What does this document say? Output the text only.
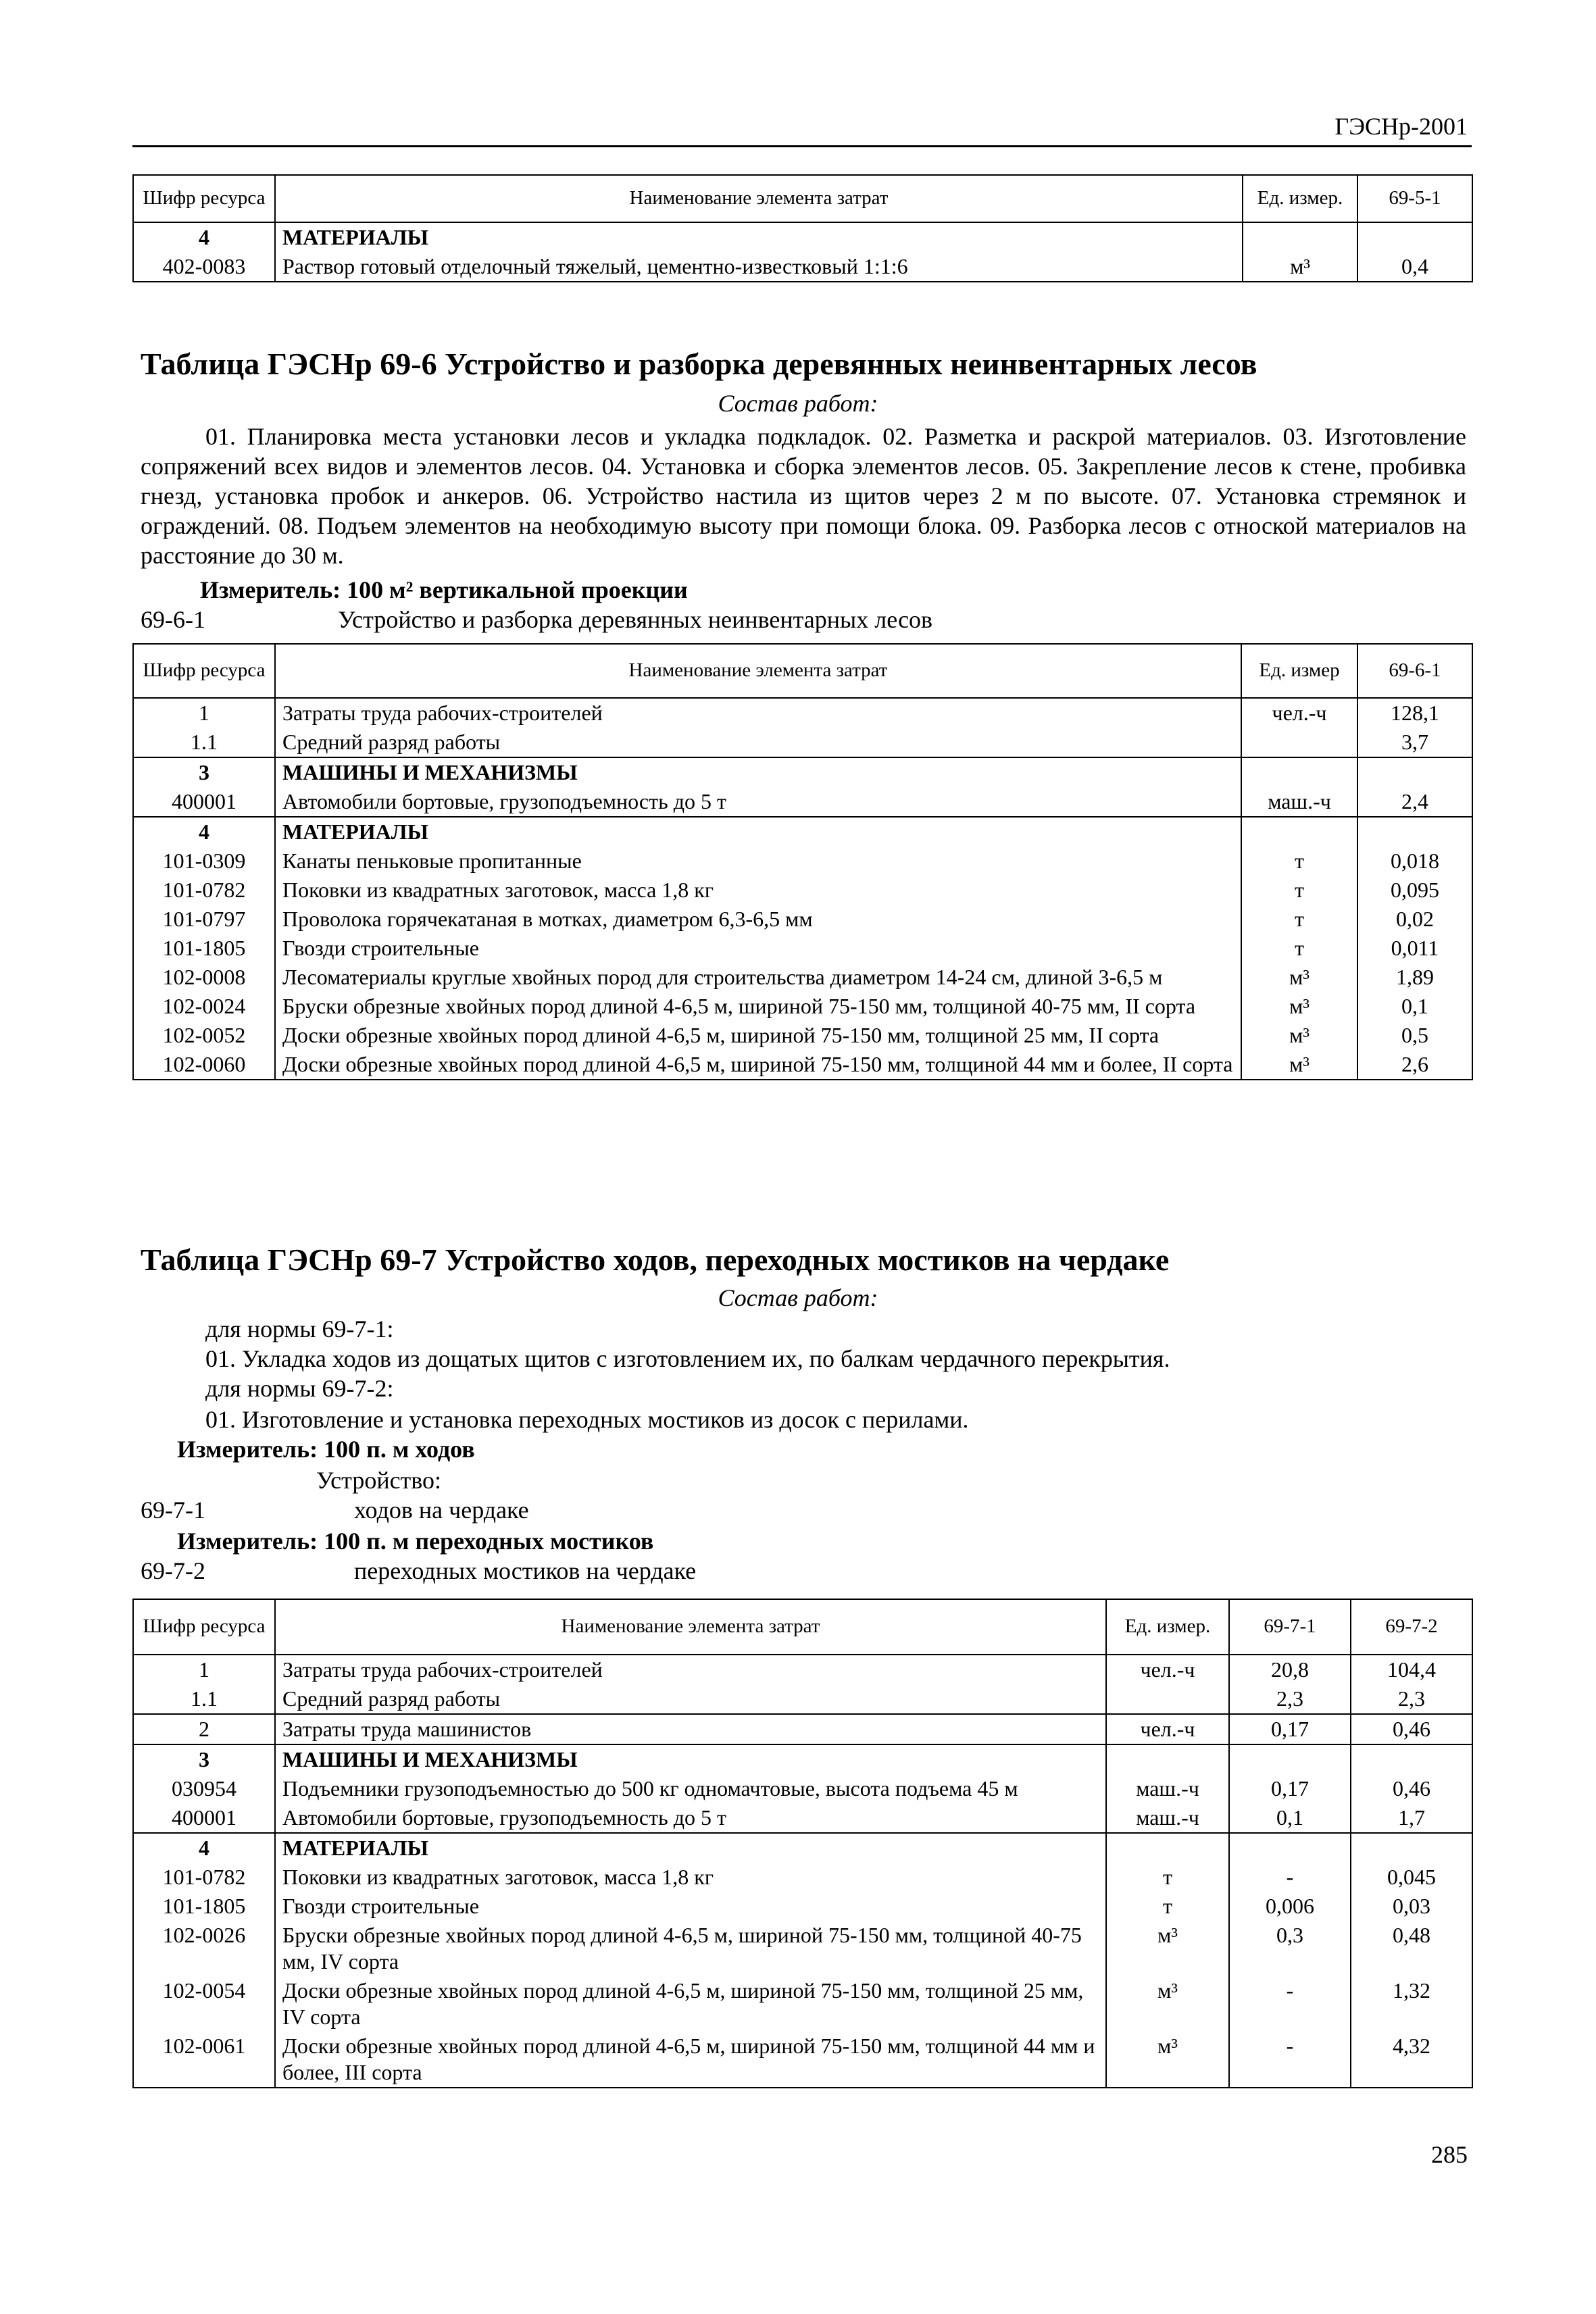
ГЭСНр-2001
Шифр ресурса	Наименование элемента затрат	Ед. измер.	69-5-1
4	МАТЕРИАЛЫ		
402-0083	Раствор готовый отделочный тяжелый, цементно-известковый 1:1:6	м³	0,4
Таблица ГЭСНр 69-6 Устройство и разборка деревянных неинвентарных лесов
Состав работ:
01. Планировка места установки лесов и укладка подкладок. 02. Разметка и раскрой материалов. 03. Изготовление сопряжений всех видов и элементов лесов. 04. Установка и сборка элементов лесов. 05. Закрепление лесов к стене, пробивка гнезд, установка пробок и анкеров. 06. Устройство настила из щитов через 2 м по высоте. 07. Установка стремянок и ограждений. 08. Подъем элементов на необходимую высоту при помощи блока. 09. Разборка лесов с отноской материалов на расстояние до 30 м.
Измеритель: 100 м² вертикальной проекции
69-6-1	Устройство и разборка деревянных неинвентарных лесов
Шифр ресурса	Наименование элемента затрат	Ед. измер	69-6-1
1	Затраты труда рабочих-строителей	чел.-ч	128,1
1.1	Средний разряд работы		3,7
3	МАШИНЫ И МЕХАНИЗМЫ		
400001	Автомобили бортовые, грузоподъемность до 5 т	маш.-ч	2,4
4	МАТЕРИАЛЫ		
101-0309	Канаты пеньковые пропитанные	т	0,018
101-0782	Поковки из квадратных заготовок, масса 1,8 кг	т	0,095
101-0797	Проволока горячекатаная в мотках, диаметром 6,3-6,5 мм	т	0,02
101-1805	Гвозди строительные	т	0,011
102-0008	Лесоматериалы круглые хвойных пород для строительства диаметром 14-24 см, длиной 3-6,5 м	м³	1,89
102-0024	Бруски обрезные хвойных пород длиной 4-6,5 м, шириной 75-150 мм, толщиной 40-75 мм, II сорта	м³	0,1
102-0052	Доски обрезные хвойных пород длиной 4-6,5 м, шириной 75-150 мм, толщиной 25 мм, II сорта	м³	0,5
102-0060	Доски обрезные хвойных пород длиной 4-6,5 м, шириной 75-150 мм, толщиной 44 мм и более, II сорта	м³	2,6
Таблица ГЭСНр 69-7 Устройство ходов, переходных мостиков на чердаке
Состав работ:
для нормы 69-7-1:
01. Укладка ходов из дощатых щитов с изготовлением их, по балкам чердачного перекрытия.
для нормы 69-7-2:
01. Изготовление и установка переходных мостиков из досок с перилами.
Измеритель: 100 п. м ходов
Устройство:
69-7-1	ходов на чердаке
Измеритель: 100 п. м переходных мостиков
69-7-2	переходных мостиков на чердаке
Шифр ресурса	Наименование элемента затрат	Ед. измер.	69-7-1	69-7-2
1	Затраты труда рабочих-строителей	чел.-ч	20,8	104,4
1.1	Средний разряд работы		2,3	2,3
2	Затраты труда машинистов	чел.-ч	0,17	0,46
3	МАШИНЫ И МЕХАНИЗМЫ			
030954	Подъемники грузоподъемностью до 500 кг одномачтовые, высота подъема 45 м	маш.-ч	0,17	0,46
400001	Автомобили бортовые, грузоподъемность до 5 т	маш.-ч	0,1	1,7
4	МАТЕРИАЛЫ			
101-0782	Поковки из квадратных заготовок, масса 1,8 кг	т	-	0,045
101-1805	Гвозди строительные	т	0,006	0,03
102-0026	Бруски обрезные хвойных пород длиной 4-6,5 м, шириной 75-150 мм, толщиной 40-75 мм, IV сорта	м³	0,3	0,48
102-0054	Доски обрезные хвойных пород длиной 4-6,5 м, шириной 75-150 мм, толщиной 25 мм, IV сорта	м³	-	1,32
102-0061	Доски обрезные хвойных пород длиной 4-6,5 м, шириной 75-150 мм, толщиной 44 мм и более, III сорта	м³	-	4,32
285
